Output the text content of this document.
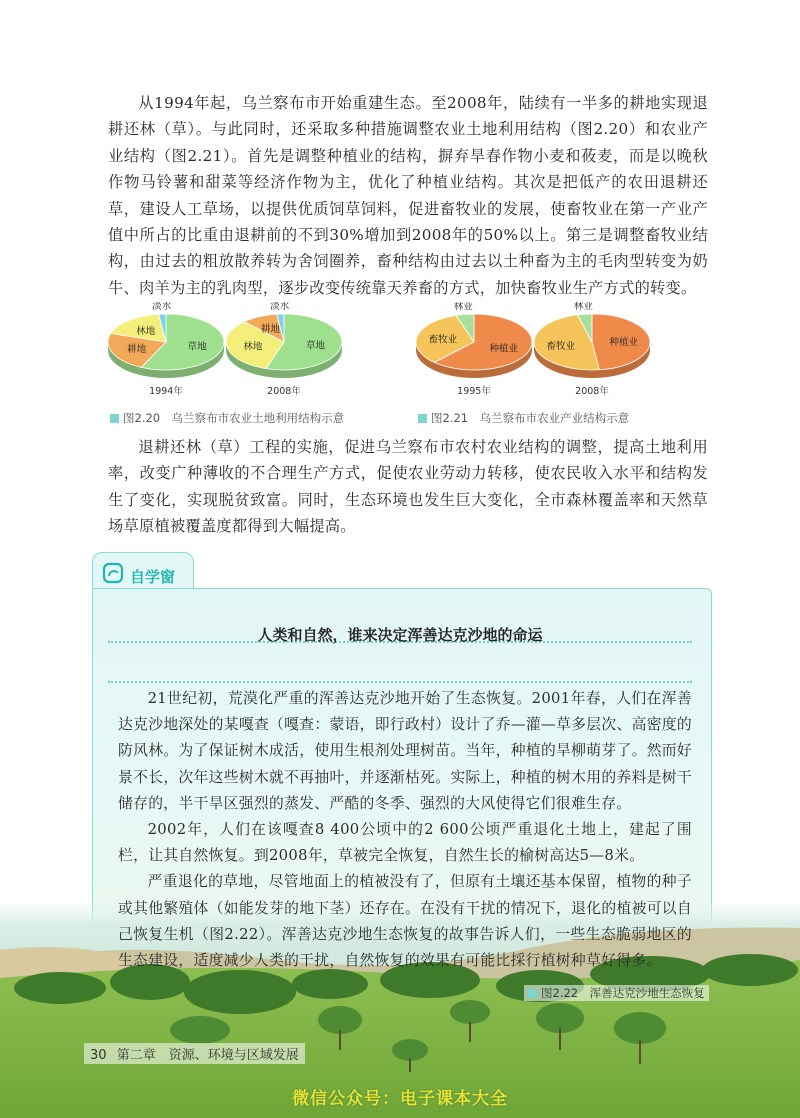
从1994年起，乌兰察布市开始重建生态。至2008年，陆续有一半多的耕地实现退耕还林（草）。与此同时，还采取多种措施调整农业土地利用结构（图2.20）和农业产业结构（图2.21）。首先是调整种植业的结构，摒弃旱春作物小麦和莜麦，而是以晚秋作物马铃薯和甜菜等经济作物为主，优化了种植业结构。其次是把低产的农田退耕还草，建设人工草场，以提供优质饲草饲料，促进畜牧业的发展，使畜牧业在第一产业产值中所占的比重由退耕前的不到30%增加到2008年的50%以上。第三是调整畜牧业结构，由过去的粗放散养转为舍饲圈养，畜种结构由过去以土种畜为主的毛肉型转变为奶牛、肉羊为主的乳肉型，逐步改变传统靠天养畜的方式，加快畜牧业生产方式的转变。

草地
耕地
林地
淡水
1994年
草地
林地
耕地
淡水
2008年
种植业
畜牧业
林业
1995年
种植业
畜牧业
林业
2008年
图2.20　乌兰察布市农业土地利用结构示意	图2.21　乌兰察布市农业产业结构示意

退耕还林（草）工程的实施，促进乌兰察布市农村农业结构的调整，提高土地利用率，改变广种薄收的不合理生产方式，促使农业劳动力转移，使农民收入水平和结构发生了变化，实现脱贫致富。同时，生态环境也发生巨大变化，全市森林覆盖率和天然草场草原植被覆盖度都得到大幅提高。

自学窗
人类和自然，谁来决定浑善达克沙地的命运

21世纪初，荒漠化严重的浑善达克沙地开始了生态恢复。2001年春，人们在浑善达克沙地深处的某嘎查（嘎查：蒙语，即行政村）设计了乔—灌—草多层次、高密度的防风林。为了保证树木成活，使用生根剂处理树苗。当年，种植的旱柳萌芽了。然而好景不长，次年这些树木就不再抽叶，并逐渐枯死。实际上，种植的树木用的养料是树干储存的，半干旱区强烈的蒸发、严酷的冬季、强烈的大风使得它们很难生存。

2002年，人们在该嘎查8 400公顷中的2 600公顷严重退化土地上，建起了围栏，让其自然恢复。到2008年，草被完全恢复，自然生长的榆树高达5—8米。

严重退化的草地，尽管地面上的植被没有了，但原有土壤还基本保留，植物的种子或其他繁殖体（如能发芽的地下茎）还存在。在没有干扰的情况下，退化的植被可以自己恢复生机（图2.22）。浑善达克沙地生态恢复的故事告诉人们，一些生态脆弱地区的生态建设，适度减少人类的干扰，自然恢复的效果有可能比採行植树种草好得多。

图2.22　浑善达克沙地生态恢复
30 第二章　资源、环境与区域发展
微信公众号：电子课本大全
